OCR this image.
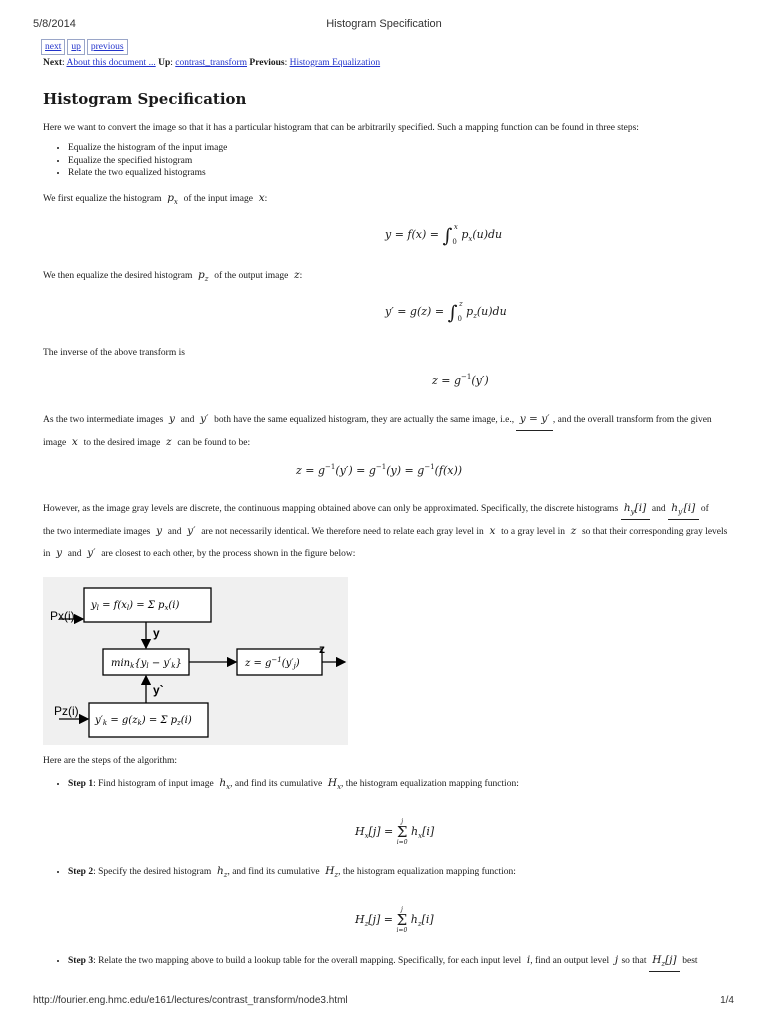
5/8/2014	Histogram Specification
next	up	previous
Next: About this document ... Up: contrast_transform Previous: Histogram Equalization
Histogram Specification
Here we want to convert the image so that it has a particular histogram that can be arbitrarily specified. Such a mapping function can be found in three steps:
• Equalize the histogram of the input image
• Equalize the specified histogram
• Relate the two equalized histograms
We first equalize the histogram  $p_x$ of the input image  x:
$y = f(x) = \int_0^x$ $p_x(u)du$
We then equalize the desired histogram  $p_z$ of the output image  z:
$y' = g(z) = \int_0^z$ $p_z(u)du$
The inverse of the above transform is
$z = g^{-1}(y')$
As the two intermediate images  y  and  y′  both have the same equalized histogram, they are actually the same image, i.e.,  y = y′ , and the overall transform from the given
image  x  to the desired image  z  can be found to be:
$z = g^{-1}(y') = g^{-1}(y) = g^{-1}(f(x))$
However, as the image gray levels are discrete, the continuous mapping obtained above can only be approximated. Specifically, the discrete histograms  $h_y[i]$  and  $h_{y'}[i]$  of
the two intermediate images  y  and  y′  are not necessarily identical. We therefore need to relate each gray level in  x  to a gray level in  z  so that their corresponding gray levels
in  y  and  y′  are closest to each other, by the process shown in the figure below:
Px(i)
$y_l = f(x_l) = \Sigma$ $p_x(i)$
y
$\min_k\{y_l - y'_k\}$	$z = g^{-1}(y'_j)$
z
y`
Pz(i)
$y'_k = g(z_k) = \Sigma$ $p_z(i)$
Here are the steps of the algorithm:
• Step 1: Find histogram of input image  $h_x$, and find its cumulative  $H_x$, the histogram equalization mapping function:
$H_x[j]$ =
j
Σ
i=0
$h_x[i]$
• Step 2: Specify the desired histogram  $h_z$, and find its cumulative  $H_z$, the histogram equalization mapping function:
$H_z[j]$ =
j
Σ
i=0
$h_z[i]$
• Step 3: Relate the two mapping above to build a lookup table for the overall mapping. Specifically, for each input level  i, find an output level  j so that  $H_z[j]$  best
http://fourier.eng.hmc.edu/e161/lectures/contrast_transform/node3.html	1/4
